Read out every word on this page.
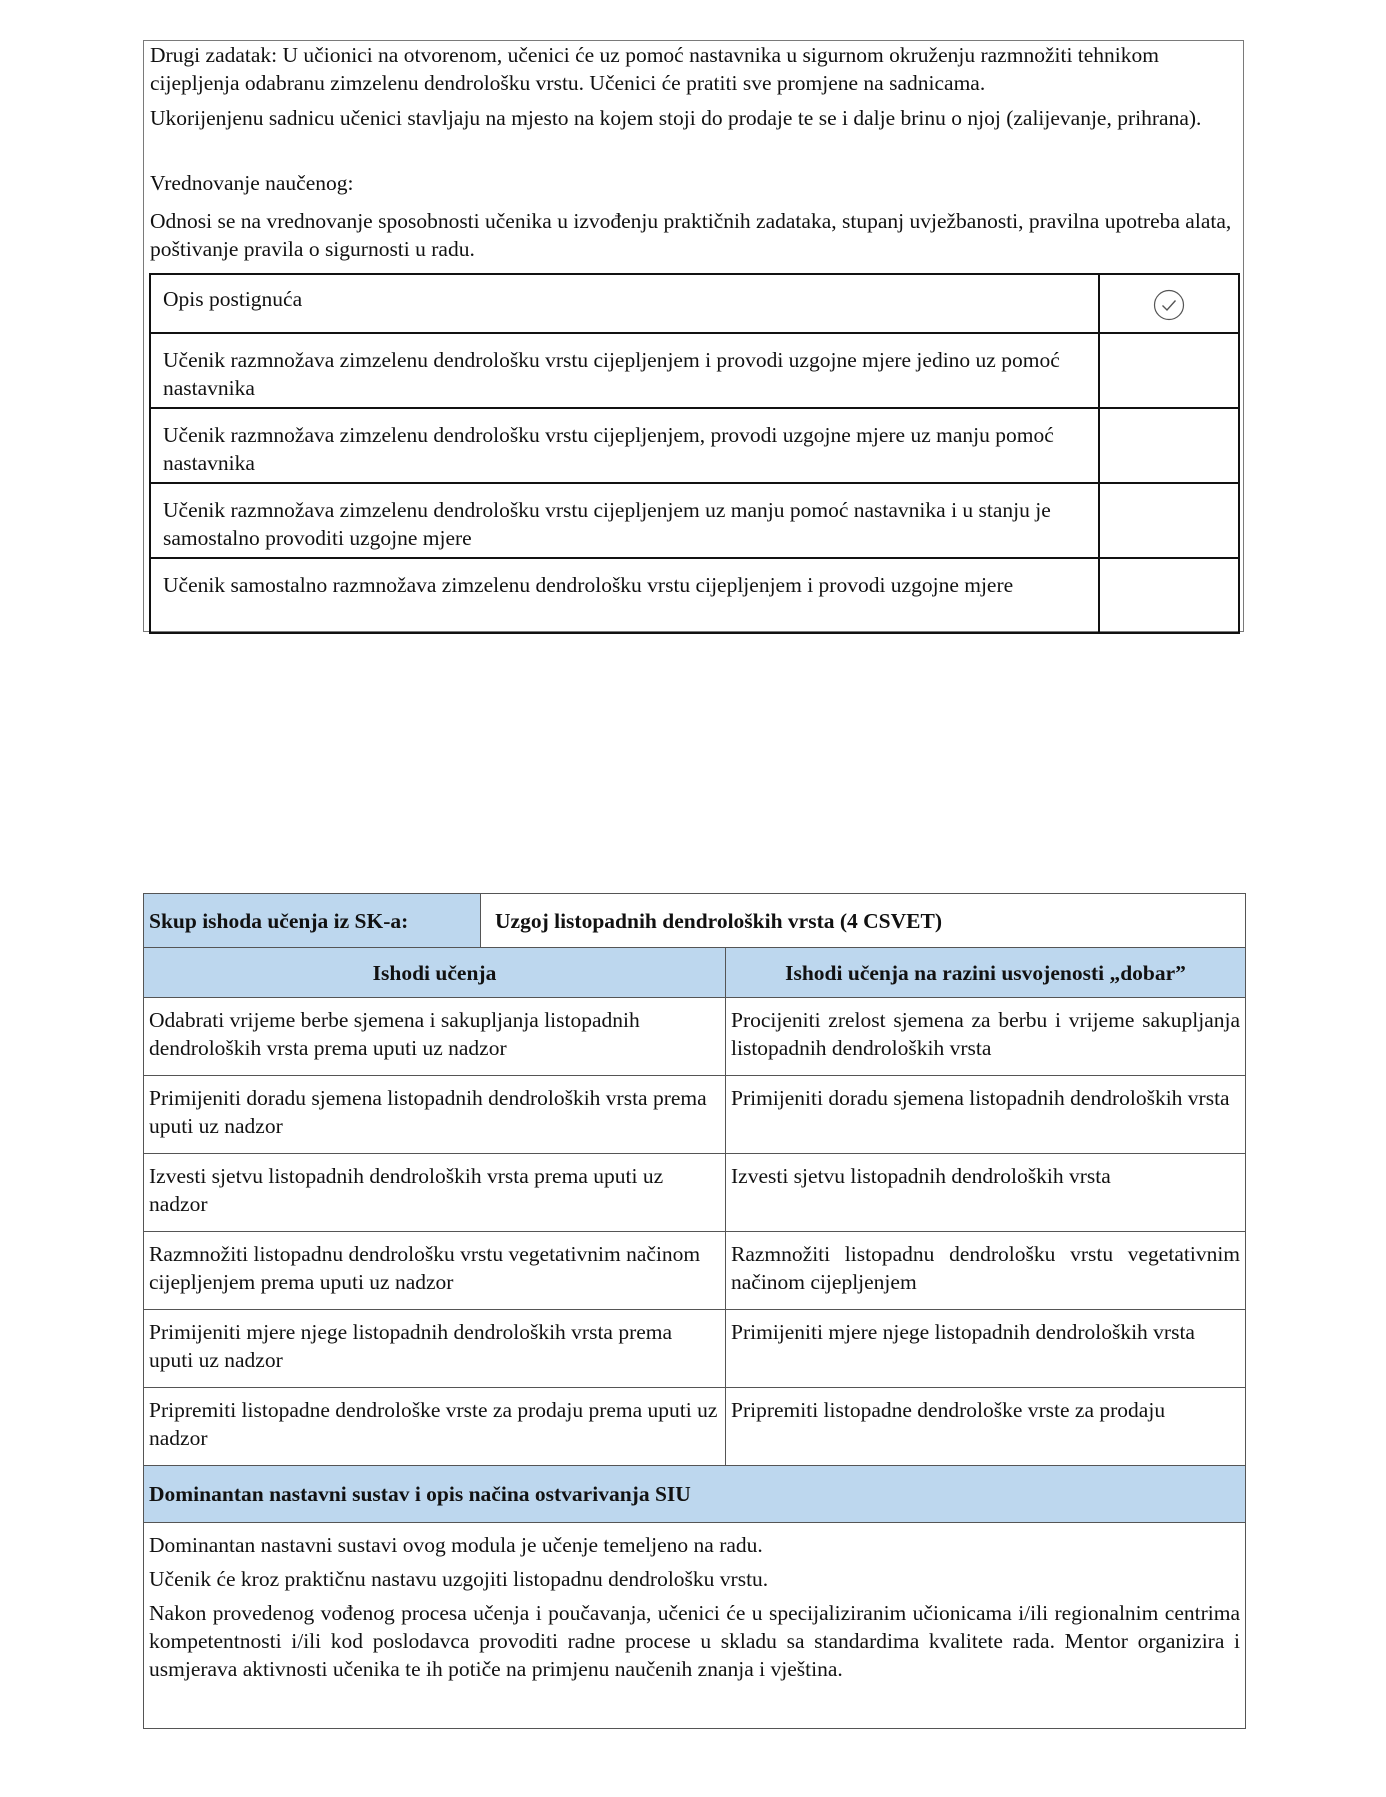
Drugi zadatak: U učionici na otvorenom, učenici će uz pomoć nastavnika u sigurnom okruženju razmnožiti tehnikom cijepljenja odabranu zimzelenu dendrološku vrstu. Učenici će pratiti sve promjene na sadnicama.

Ukorijenjenu sadnicu učenici stavljaju na mjesto na kojem stoji do prodaje te se i dalje brinu o njoj (zalijevanje, prihrana).

Vrednovanje naučenog:

Odnosi se na vrednovanje sposobnosti učenika u izvođenju praktičnih zadataka, stupanj uvježbanosti, pravilna upotreba alata, poštivanje pravila o sigurnosti u radu.

Opis postignuća	
Učenik razmnožava zimzelenu dendrološku vrstu cijepljenjem i provodi uzgojne mjere jedino uz pomoć nastavnika	
Učenik razmnožava zimzelenu dendrološku vrstu cijepljenjem, provodi uzgojne mjere uz manju pomoć nastavnika	
Učenik razmnožava zimzelenu dendrološku vrstu cijepljenjem uz manju pomoć nastavnika i u stanju je samostalno provoditi uzgojne mjere	
Učenik samostalno razmnožava zimzelenu dendrološku vrstu cijepljenjem i provodi uzgojne mjere	
Skup ishoda učenja iz SK-a:	Uzgoj listopadnih dendroloških vrsta (4 CSVET)	
Ishodi učenja		Ishodi učenja na razini usvojenosti „dobar”
Odabrati vrijeme berbe sjemena i sakupljanja listopadnih dendroloških vrsta prema uputi uz nadzor		Procijeniti zrelost sjemena za berbu i vrijeme sakupljanja listopadnih dendroloških vrsta
Primijeniti doradu sjemena listopadnih dendroloških vrsta prema uputi uz nadzor		Primijeniti doradu sjemena listopadnih dendroloških vrsta
Izvesti sjetvu listopadnih dendroloških vrsta prema uputi uz nadzor		Izvesti sjetvu listopadnih dendroloških vrsta
Razmnožiti listopadnu dendrološku vrstu vegetativnim načinom cijepljenjem prema uputi uz nadzor		Razmnožiti listopadnu dendrološku vrstu vegetativnim načinom cijepljenjem
Primijeniti mjere njege listopadnih dendroloških vrsta prema uputi uz nadzor		Primijeniti mjere njege listopadnih dendroloških vrsta
Pripremiti listopadne dendrološke vrste za prodaju prema uputi uz nadzor		Pripremiti listopadne dendrološke vrste za prodaju
Dominantan nastavni sustav i opis načina ostvarivanja SIU		

Dominantan nastavni sustavi ovog modula je učenje temeljeno na radu.

Učenik će kroz praktičnu nastavu uzgojiti listopadnu dendrološku vrstu.

Nakon provedenog vođenog procesa učenja i poučavanja, učenici će u specijaliziranim učionicama i/ili regionalnim centrima kompetentnosti i/ili kod poslodavca provoditi radne procese u skladu sa standardima kvalitete rada. Mentor organizira i usmjerava aktivnosti učenika te ih potiče na primjenu naučenih znanja i vještina.		
